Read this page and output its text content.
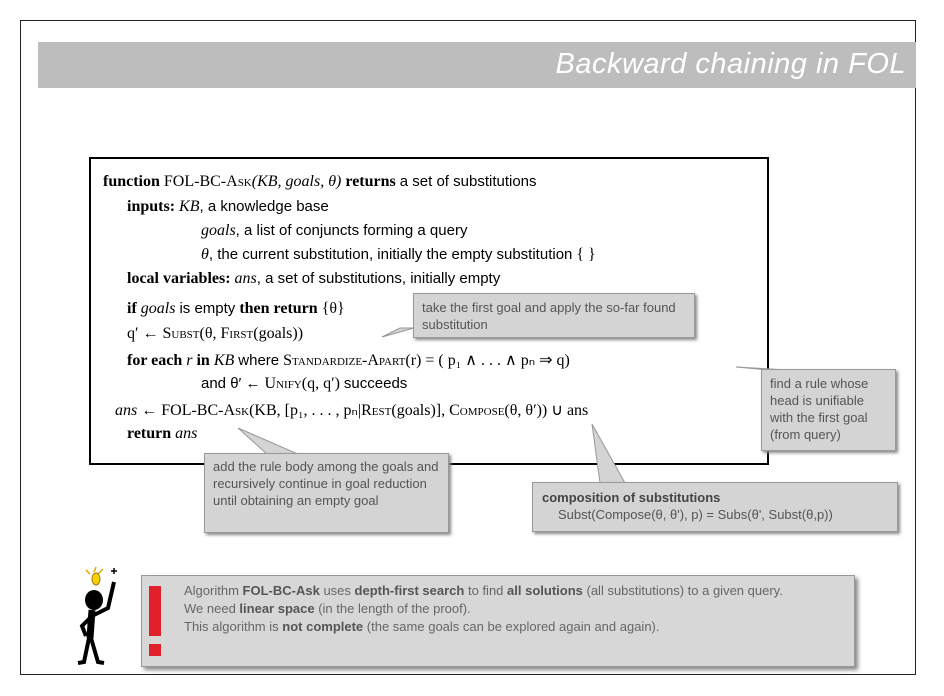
Backward chaining in FOL
function FOL-BC-Ask(KB, goals, θ) returns a set of substitutions
inputs: KB, a knowledge base
goals, a list of conjuncts forming a query
θ, the current substitution, initially the empty substitution { }
local variables: ans, a set of substitutions, initially empty
if goals is empty then return {θ}
q′ ← Subst(θ, First(goals))
for each r in KB where Standardize-Apart(r) = ( p₁ ∧ . . . ∧ pₙ ⇒ q)
and θ′ ← Unify(q, q′) succeeds
ans ← FOL-BC-Ask(KB, [p₁, . . . , pₙ|Rest(goals)], Compose(θ, θ′)) ∪ ans
return ans
take the first goal and apply the so-far found substitution
find a rule whose head is unifiable with the first goal (from query)
add the rule body among the goals and recursively continue in goal reduction until obtaining an empty goal	composition of substitutions
Subst(Compose(θ, θ'), p) = Subs(θ', Subst(θ,p))
Algorithm FOL-BC-Ask uses depth-first search to find all solutions (all substitutions) to a given query.
We need linear space (in the length of the proof).
This algorithm is not complete (the same goals can be explored again and again).
